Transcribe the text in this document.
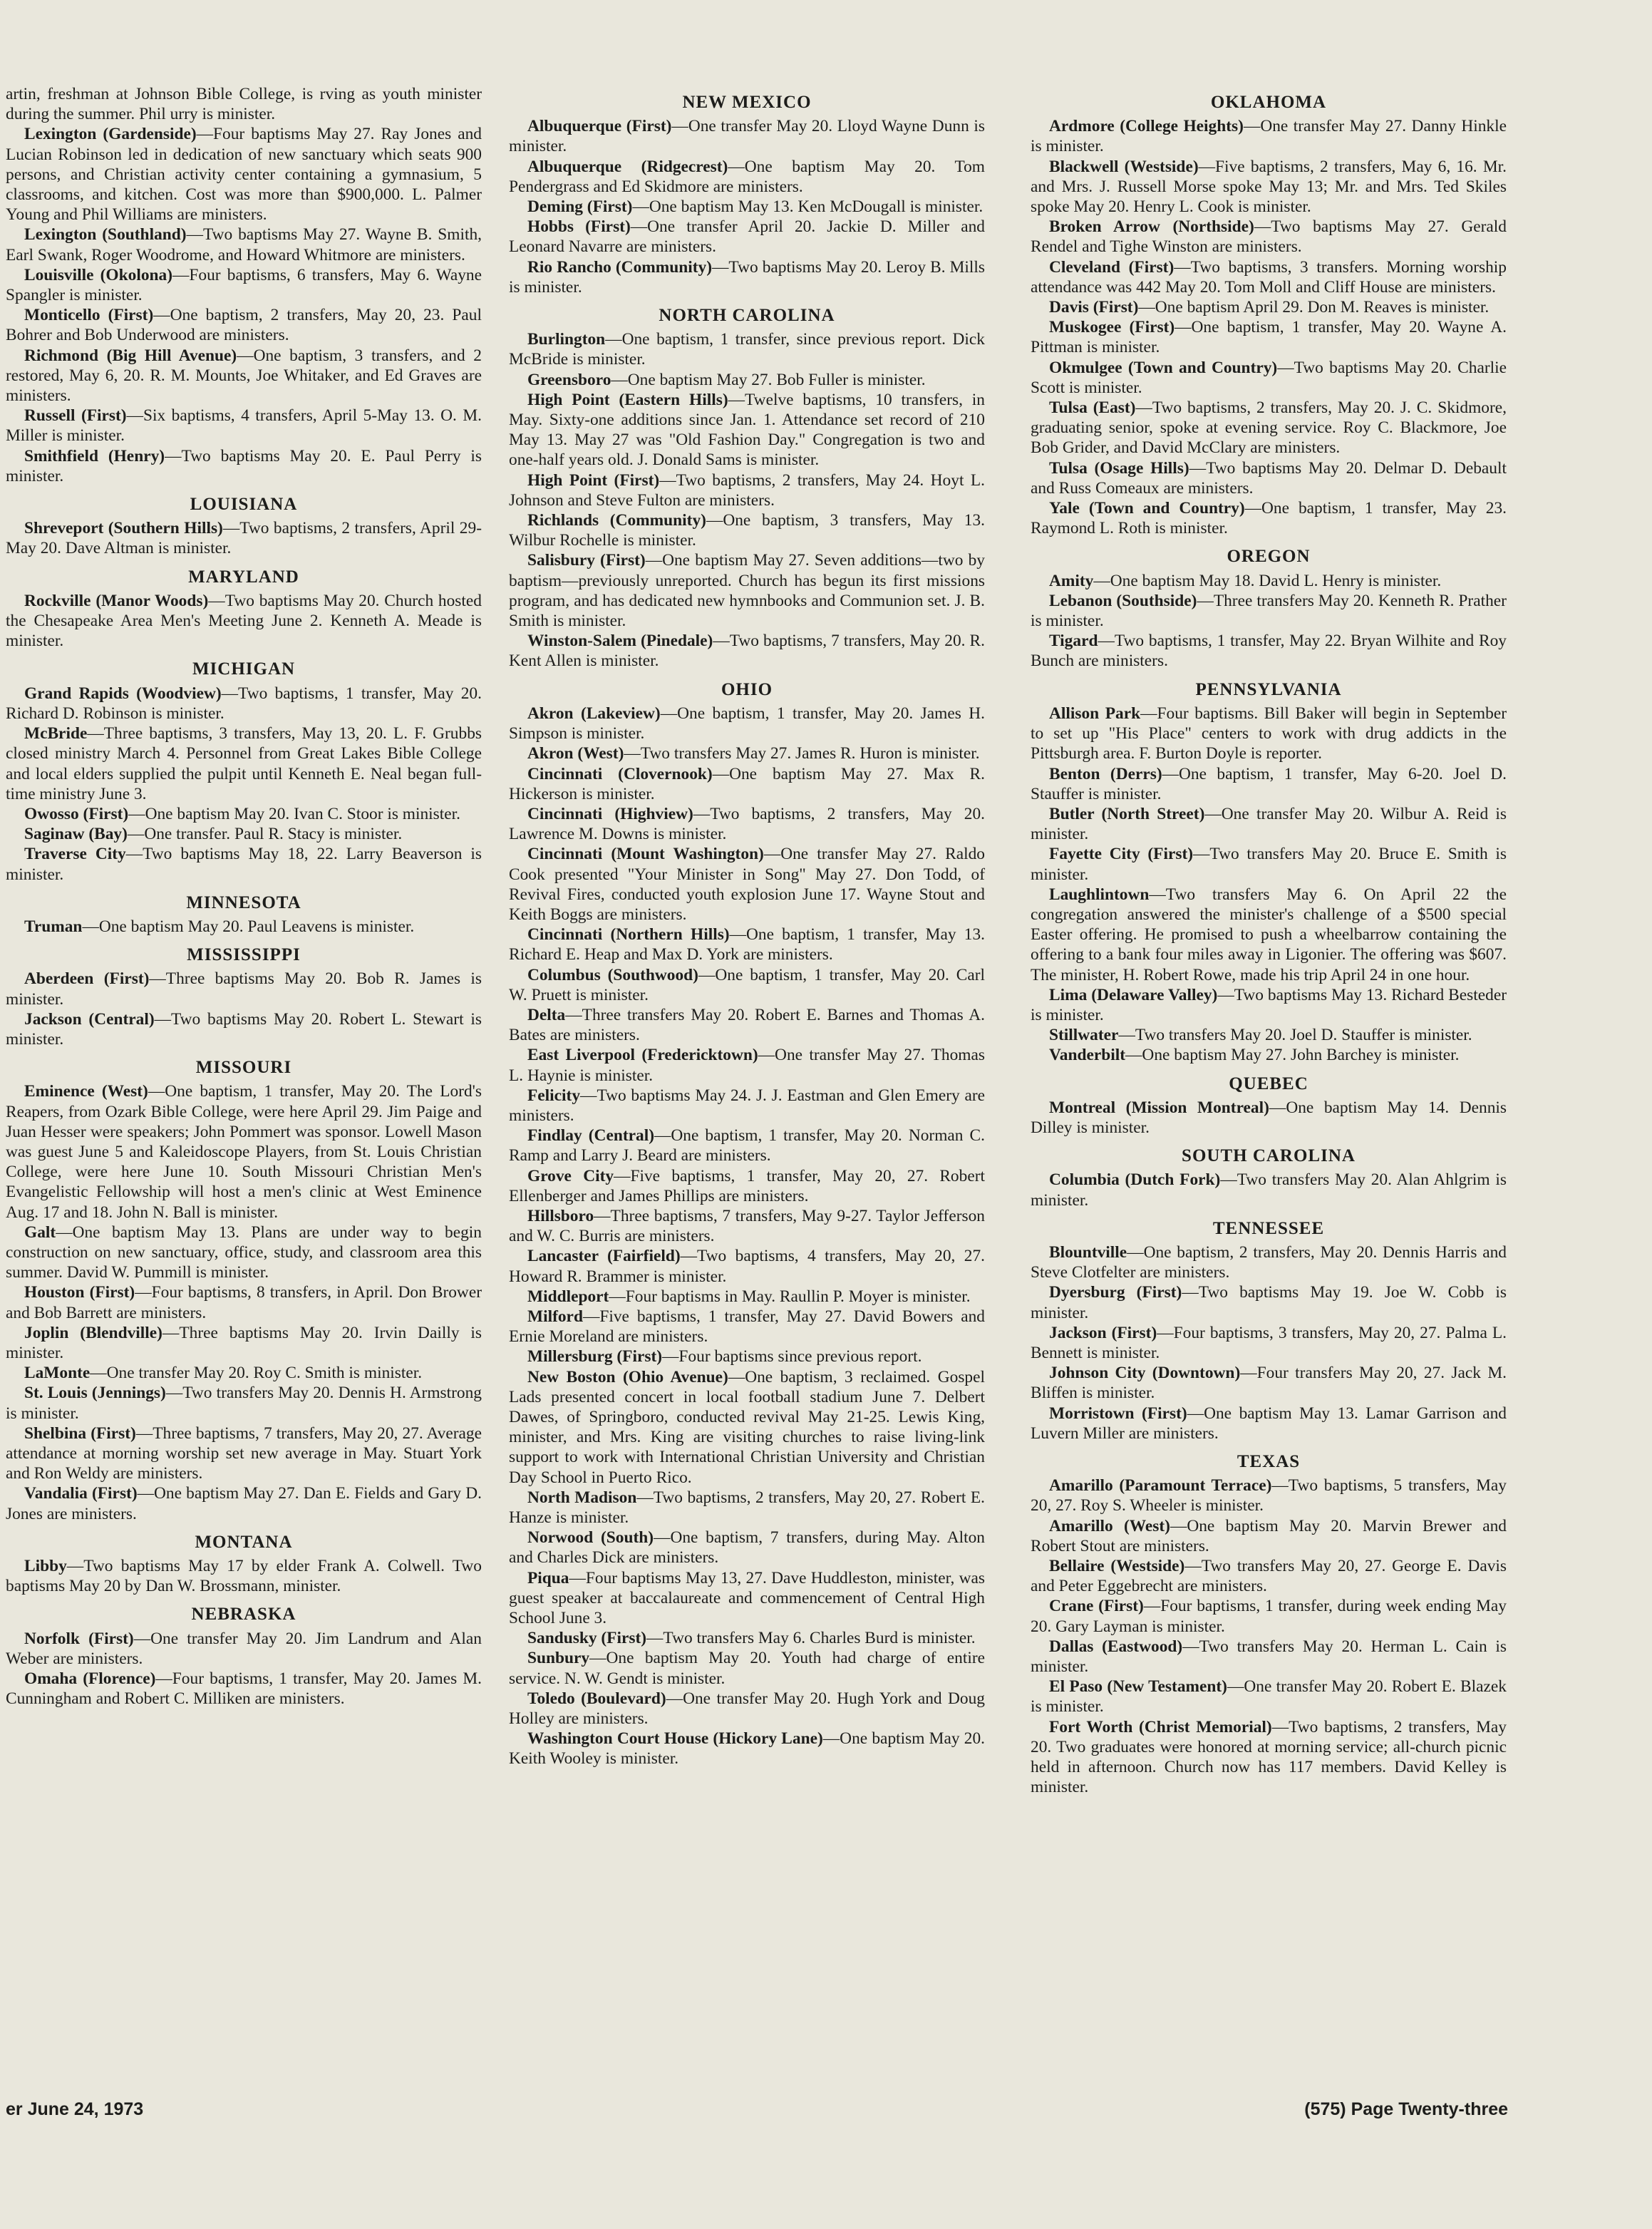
artin, freshman at Johnson Bible College, is rving as youth minister during the summer. Phil urry is minister.

Lexington (Gardenside)—Four baptisms May 27. Ray Jones and Lucian Robinson led in dedication of new sanctuary which seats 900 persons, and Christian activity center containing a gymnasium, 5 classrooms, and kitchen. Cost was more than $900,000. L. Palmer Young and Phil Williams are ministers.

Lexington (Southland)—Two baptisms May 27. Wayne B. Smith, Earl Swank, Roger Woodrome, and Howard Whitmore are ministers.

Louisville (Okolona)—Four baptisms, 6 transfers, May 6. Wayne Spangler is minister.

Monticello (First)—One baptism, 2 transfers, May 20, 23. Paul Bohrer and Bob Underwood are ministers.

Richmond (Big Hill Avenue)—One baptism, 3 transfers, and 2 restored, May 6, 20. R. M. Mounts, Joe Whitaker, and Ed Graves are ministers.

Russell (First)—Six baptisms, 4 transfers, April 5-May 13. O. M. Miller is minister.

Smithfield (Henry)—Two baptisms May 20. E. Paul Perry is minister.

LOUISIANA

Shreveport (Southern Hills)—Two baptisms, 2 transfers, April 29-May 20. Dave Altman is minister.

MARYLAND

Rockville (Manor Woods)—Two baptisms May 20. Church hosted the Chesapeake Area Men's Meeting June 2. Kenneth A. Meade is minister.

MICHIGAN

Grand Rapids (Woodview)—Two baptisms, 1 transfer, May 20. Richard D. Robinson is minister.

McBride—Three baptisms, 3 transfers, May 13, 20. L. F. Grubbs closed ministry March 4. Personnel from Great Lakes Bible College and local elders supplied the pulpit until Kenneth E. Neal began full-time ministry June 3.

Owosso (First)—One baptism May 20. Ivan C. Stoor is minister.

Saginaw (Bay)—One transfer. Paul R. Stacy is minister.

Traverse City—Two baptisms May 18, 22. Larry Beaverson is minister.

MINNESOTA

Truman—One baptism May 20. Paul Leavens is minister.

MISSISSIPPI

Aberdeen (First)—Three baptisms May 20. Bob R. James is minister.

Jackson (Central)—Two baptisms May 20. Robert L. Stewart is minister.

MISSOURI

Eminence (West)—One baptism, 1 transfer, May 20. The Lord's Reapers, from Ozark Bible College, were here April 29. Jim Paige and Juan Hesser were speakers; John Pommert was sponsor. Lowell Mason was guest June 5 and Kaleidoscope Players, from St. Louis Christian College, were here June 10. South Missouri Christian Men's Evangelistic Fellowship will host a men's clinic at West Eminence Aug. 17 and 18. John N. Ball is minister.

Galt—One baptism May 13. Plans are under way to begin construction on new sanctuary, office, study, and classroom area this summer. David W. Pummill is minister.

Houston (First)—Four baptisms, 8 transfers, in April. Don Brower and Bob Barrett are ministers.

Joplin (Blendville)—Three baptisms May 20. Irvin Dailly is minister.

LaMonte—One transfer May 20. Roy C. Smith is minister.

St. Louis (Jennings)—Two transfers May 20. Dennis H. Armstrong is minister.

Shelbina (First)—Three baptisms, 7 transfers, May 20, 27. Average attendance at morning worship set new average in May. Stuart York and Ron Weldy are ministers.

Vandalia (First)—One baptism May 27. Dan E. Fields and Gary D. Jones are ministers.

MONTANA

Libby—Two baptisms May 17 by elder Frank A. Colwell. Two baptisms May 20 by Dan W. Brossmann, minister.

NEBRASKA

Norfolk (First)—One transfer May 20. Jim Landrum and Alan Weber are ministers.

Omaha (Florence)—Four baptisms, 1 transfer, May 20. James M. Cunningham and Robert C. Milliken are ministers.

NEW MEXICO

Albuquerque (First)—One transfer May 20. Lloyd Wayne Dunn is minister.

Albuquerque (Ridgecrest)—One baptism May 20. Tom Pendergrass and Ed Skidmore are ministers.

Deming (First)—One baptism May 13. Ken McDougall is minister.

Hobbs (First)—One transfer April 20. Jackie D. Miller and Leonard Navarre are ministers.

Rio Rancho (Community)—Two baptisms May 20. Leroy B. Mills is minister.

NORTH CAROLINA

Burlington—One baptism, 1 transfer, since previous report. Dick McBride is minister.

Greensboro—One baptism May 27. Bob Fuller is minister.

High Point (Eastern Hills)—Twelve baptisms, 10 transfers, in May. Sixty-one additions since Jan. 1. Attendance set record of 210 May 13. May 27 was "Old Fashion Day." Congregation is two and one-half years old. J. Donald Sams is minister.

High Point (First)—Two baptisms, 2 transfers, May 24. Hoyt L. Johnson and Steve Fulton are ministers.

Richlands (Community)—One baptism, 3 transfers, May 13. Wilbur Rochelle is minister.

Salisbury (First)—One baptism May 27. Seven additions—two by baptism—previously unreported. Church has begun its first missions program, and has dedicated new hymnbooks and Communion set. J. B. Smith is minister.

Winston-Salem (Pinedale)—Two baptisms, 7 transfers, May 20. R. Kent Allen is minister.

OHIO

Akron (Lakeview)—One baptism, 1 transfer, May 20. James H. Simpson is minister.

Akron (West)—Two transfers May 27. James R. Huron is minister.

Cincinnati (Clovernook)—One baptism May 27. Max R. Hickerson is minister.

Cincinnati (Highview)—Two baptisms, 2 transfers, May 20. Lawrence M. Downs is minister.

Cincinnati (Mount Washington)—One transfer May 27. Raldo Cook presented "Your Minister in Song" May 27. Don Todd, of Revival Fires, conducted youth explosion June 17. Wayne Stout and Keith Boggs are ministers.

Cincinnati (Northern Hills)—One baptism, 1 transfer, May 13. Richard E. Heap and Max D. York are ministers.

Columbus (Southwood)—One baptism, 1 transfer, May 20. Carl W. Pruett is minister.

Delta—Three transfers May 20. Robert E. Barnes and Thomas A. Bates are ministers.

East Liverpool (Fredericktown)—One transfer May 27. Thomas L. Haynie is minister.

Felicity—Two baptisms May 24. J. J. Eastman and Glen Emery are ministers.

Findlay (Central)—One baptism, 1 transfer, May 20. Norman C. Ramp and Larry J. Beard are ministers.

Grove City—Five baptisms, 1 transfer, May 20, 27. Robert Ellenberger and James Phillips are ministers.

Hillsboro—Three baptisms, 7 transfers, May 9-27. Taylor Jefferson and W. C. Burris are ministers.

Lancaster (Fairfield)—Two baptisms, 4 transfers, May 20, 27. Howard R. Brammer is minister.

Middleport—Four baptisms in May. Raullin P. Moyer is minister.

Milford—Five baptisms, 1 transfer, May 27. David Bowers and Ernie Moreland are ministers.

Millersburg (First)—Four baptisms since previous report.

New Boston (Ohio Avenue)—One baptism, 3 reclaimed. Gospel Lads presented concert in local football stadium June 7. Delbert Dawes, of Springboro, conducted revival May 21-25. Lewis King, minister, and Mrs. King are visiting churches to raise living-link support to work with International Christian University and Christian Day School in Puerto Rico.

North Madison—Two baptisms, 2 transfers, May 20, 27. Robert E. Hanze is minister.

Norwood (South)—One baptism, 7 transfers, during May. Alton and Charles Dick are ministers.

Piqua—Four baptisms May 13, 27. Dave Huddleston, minister, was guest speaker at baccalaureate and commencement of Central High School June 3.

Sandusky (First)—Two transfers May 6. Charles Burd is minister.

Sunbury—One baptism May 20. Youth had charge of entire service. N. W. Gendt is minister.

Toledo (Boulevard)—One transfer May 20. Hugh York and Doug Holley are ministers.

Washington Court House (Hickory Lane)—One baptism May 20. Keith Wooley is minister.

OKLAHOMA

Ardmore (College Heights)—One transfer May 27. Danny Hinkle is minister.

Blackwell (Westside)—Five baptisms, 2 transfers, May 6, 16. Mr. and Mrs. J. Russell Morse spoke May 13; Mr. and Mrs. Ted Skiles spoke May 20. Henry L. Cook is minister.

Broken Arrow (Northside)—Two baptisms May 27. Gerald Rendel and Tighe Winston are ministers.

Cleveland (First)—Two baptisms, 3 transfers. Morning worship attendance was 442 May 20. Tom Moll and Cliff House are ministers.

Davis (First)—One baptism April 29. Don M. Reaves is minister.

Muskogee (First)—One baptism, 1 transfer, May 20. Wayne A. Pittman is minister.

Okmulgee (Town and Country)—Two baptisms May 20. Charlie Scott is minister.

Tulsa (East)—Two baptisms, 2 transfers, May 20. J. C. Skidmore, graduating senior, spoke at evening service. Roy C. Blackmore, Joe Bob Grider, and David McClary are ministers.

Tulsa (Osage Hills)—Two baptisms May 20. Delmar D. Debault and Russ Comeaux are ministers.

Yale (Town and Country)—One baptism, 1 transfer, May 23. Raymond L. Roth is minister.

OREGON

Amity—One baptism May 18. David L. Henry is minister.

Lebanon (Southside)—Three transfers May 20. Kenneth R. Prather is minister.

Tigard—Two baptisms, 1 transfer, May 22. Bryan Wilhite and Roy Bunch are ministers.

PENNSYLVANIA

Allison Park—Four baptisms. Bill Baker will begin in September to set up "His Place" centers to work with drug addicts in the Pittsburgh area. F. Burton Doyle is reporter.

Benton (Derrs)—One baptism, 1 transfer, May 6-20. Joel D. Stauffer is minister.

Butler (North Street)—One transfer May 20. Wilbur A. Reid is minister.

Fayette City (First)—Two transfers May 20. Bruce E. Smith is minister.

Laughlintown—Two transfers May 6. On April 22 the congregation answered the minister's challenge of a $500 special Easter offering. He promised to push a wheelbarrow containing the offering to a bank four miles away in Ligonier. The offering was $607. The minister, H. Robert Rowe, made his trip April 24 in one hour.

Lima (Delaware Valley)—Two baptisms May 13. Richard Besteder is minister.

Stillwater—Two transfers May 20. Joel D. Stauffer is minister.

Vanderbilt—One baptism May 27. John Barchey is minister.

QUEBEC

Montreal (Mission Montreal)—One baptism May 14. Dennis Dilley is minister.

SOUTH CAROLINA

Columbia (Dutch Fork)—Two transfers May 20. Alan Ahlgrim is minister.

TENNESSEE

Blountville—One baptism, 2 transfers, May 20. Dennis Harris and Steve Clotfelter are ministers.

Dyersburg (First)—Two baptisms May 19. Joe W. Cobb is minister.

Jackson (First)—Four baptisms, 3 transfers, May 20, 27. Palma L. Bennett is minister.

Johnson City (Downtown)—Four transfers May 20, 27. Jack M. Bliffen is minister.

Morristown (First)—One baptism May 13. Lamar Garrison and Luvern Miller are ministers.

TEXAS

Amarillo (Paramount Terrace)—Two baptisms, 5 transfers, May 20, 27. Roy S. Wheeler is minister.

Amarillo (West)—One baptism May 20. Marvin Brewer and Robert Stout are ministers.

Bellaire (Westside)—Two transfers May 20, 27. George E. Davis and Peter Eggebrecht are ministers.

Crane (First)—Four baptisms, 1 transfer, during week ending May 20. Gary Layman is minister.

Dallas (Eastwood)—Two transfers May 20. Herman L. Cain is minister.

El Paso (New Testament)—One transfer May 20. Robert E. Blazek is minister.

Fort Worth (Christ Memorial)—Two baptisms, 2 transfers, May 20. Two graduates were honored at morning service; all-church picnic held in afternoon. Church now has 117 members. David Kelley is minister.

er June 24, 1973	(575) Page Twenty-three
